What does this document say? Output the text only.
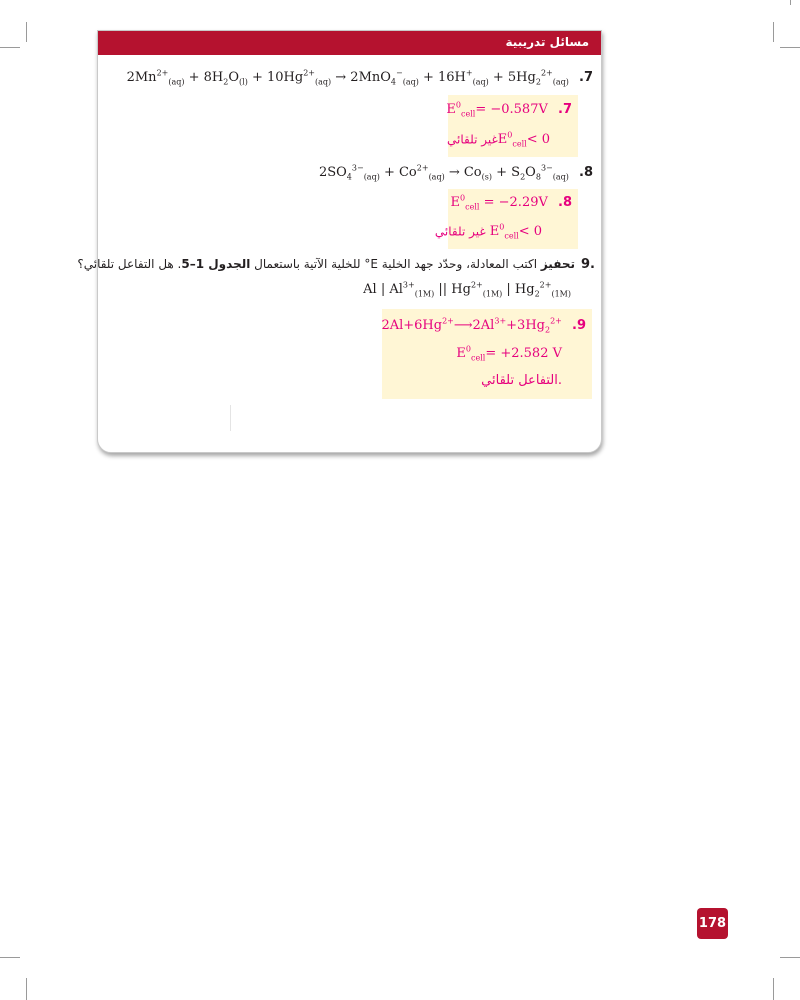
مسائل تدريبية
$2Mn^{2+}_{(aq)} + 8H_2O_{(l)} + 10Hg^{2+}_{(aq)} \to 2MnO_4^-_{(aq)} + 16H^+_{(aq)} + 5Hg_2^{2+}_{(aq)}$ .7
$E^0_{cell}= -0.587V$ .7
غير تلقائيE$^0_{cell}$< 0
$2SO_4^{3-}_{(aq)} + Co^{2+}_{(aq)} \to Co_{(s)} + S_2O_8^{3-}_{(aq)}$ .8
$E^0_{cell} = -2.29V$ .8
غير تلقائي $E^0_{cell}< 0$
.9تحفيز اكتب المعادلة، وحدّد جهد الخلية E° للخلية الآتية باستعمال الجدول 1–5. هل التفاعل تلقائي؟
Al | $Al^{3+}_{(1M)}$ || $Hg^{2+}_{(1M)}$ | $Hg_2^{2+}_{(1M)}$
$2Al+6Hg^{2+}⟶2Al^{3+}+3Hg_2^{2+}$ .9
$E^0_{cell}= +2.582$ V
التفاعل تلقائي.
178
